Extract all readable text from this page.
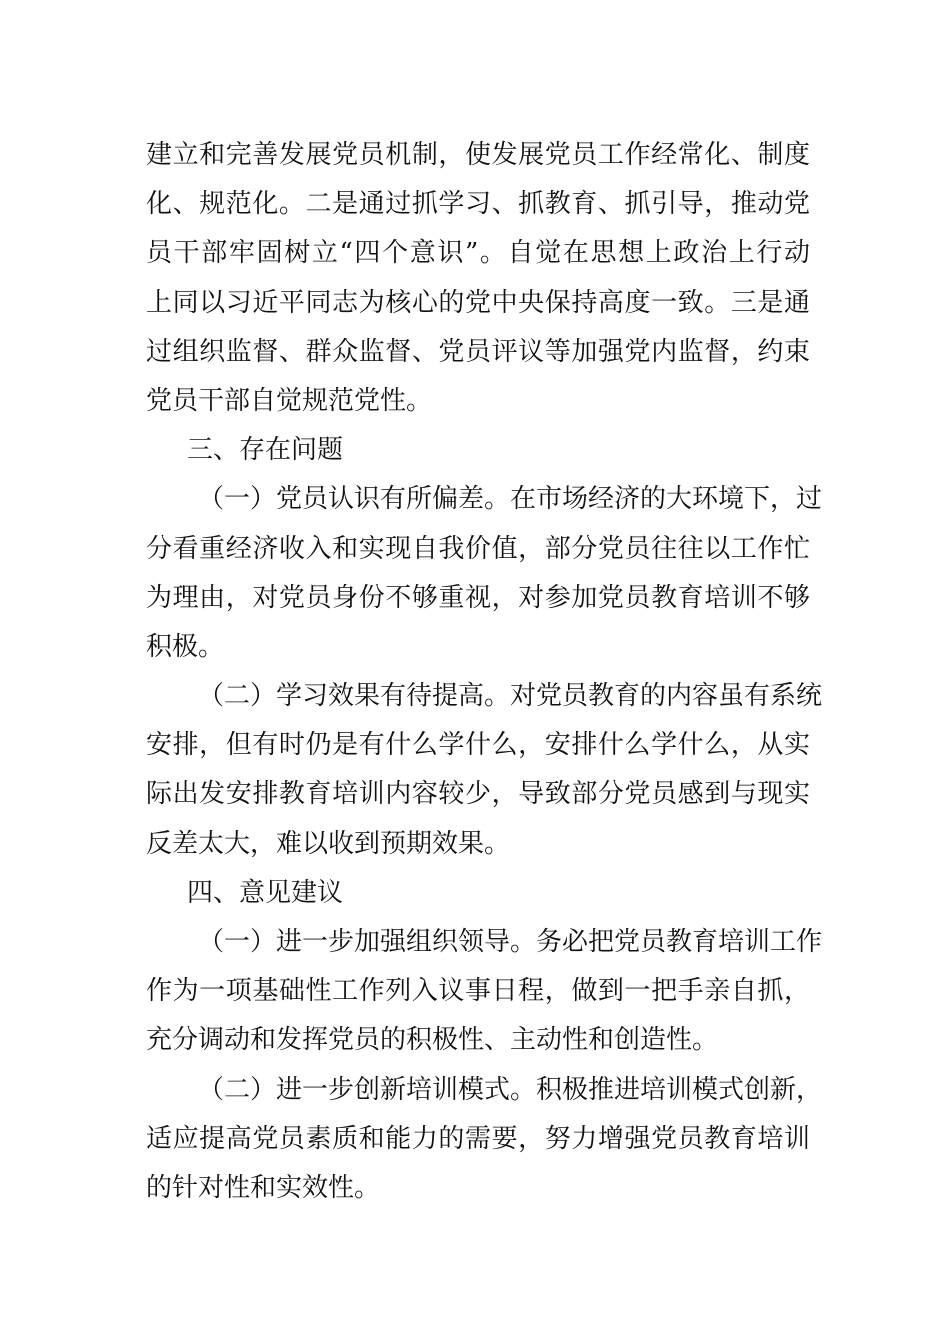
建立和完善发展党员机制，使发展党员工作经常化、制度
化、规范化。二是通过抓学习、抓教育、抓引导，推动党
员干部牢固树立“四个意识”。自觉在思想上政治上行动
上同以习近平同志为核心的党中央保持高度一致。三是通
过组织监督、群众监督、党员评议等加强党内监督，约束
党员干部自觉规范党性。
三、存在问题
（一）党员认识有所偏差。在市场经济的大环境下，过
分看重经济收入和实现自我价值，部分党员往往以工作忙
为理由，对党员身份不够重视，对参加党员教育培训不够
积极。
（二）学习效果有待提高。对党员教育的内容虽有系统
安排，但有时仍是有什么学什么，安排什么学什么，从实
际出发安排教育培训内容较少，导致部分党员感到与现实
反差太大，难以收到预期效果。
四、意见建议
（一）进一步加强组织领导。务必把党员教育培训工作
作为一项基础性工作列入议事日程，做到一把手亲自抓，
充分调动和发挥党员的积极性、主动性和创造性。
（二）进一步创新培训模式。积极推进培训模式创新，
适应提高党员素质和能力的需要，努力增强党员教育培训
的针对性和实效性。
